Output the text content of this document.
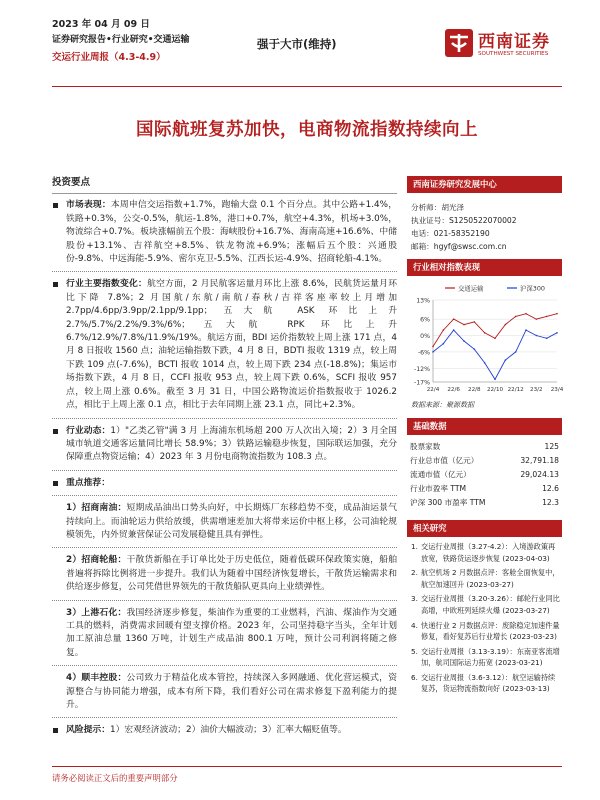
2023 年 04 月 09 日
证券研究报告•行业研究•交通运输
交运行业周报（4.3-4.9）
强于大市(维持)	西南证券
SOUTHWEST SECURITIES
国际航班复苏加快，电商物流指数持续向上
投资要点
市场表现：本周申信交运指数+1.7%，跑输大盘 0.1 个百分点。其中公路+1.4%，铁路+0.3%，公交-0.5%，航运-1.8%，港口+0.7%，航空+4.3%，机场+3.0%，物流综合+0.7%。板块涨幅前五个股：海峡股份+16.7%、海南高速+16.6%、中储股份+13.1%、吉祥航空+8.5%、铁龙物流+6.9%；涨幅后五个股：兴通股份-9.8%、中远海能-5.9%、密尔克卫-5.5%、江西长运-4.9%、招商轮船-4.1%。
行业主要指数变化：航空方面，2 月民航客运量月环比上涨 8.6%，民航货运量月环比下降 7.8%；2 月国航/东航/南航/春秋/吉祥客座率较上月增加 2.7pp/4.6pp/3.9pp/2.1pp/9.1pp；五大航 ASK 环比上升 2.7%/5.7%/2.2%/9.3%/6%；五大航 RPK 环比上升 6.7%/12.9%/7.8%/11.9%/19%。航运方面，BDI 运价指数较上周上涨 171 点，4 月 8 日报收 1560 点；油轮运输指数下跌，4 月 8 日，BDTI 报收 1319 点，较上周下跌 109 点(-7.6%)，BCTI 报收 1014 点，较上周下跌 234 点(-18.8%)；集运市场指数下跌，4 月 8 日，CCFI 报收 953 点，较上周下跌 0.6%，SCFI 报收 957 点，较上周上涨 0.6%。截至 3 月 31 日，中国公路物流运价指数报收于 1026.2 点，相比于上周上涨 0.1 点，相比于去年同期上涨 23.1 点，同比+2.3%。
行业动态：1）"乙类乙管"满 3 月 上海浦东机场超 200 万人次出入境；2）3 月全国城市轨道交通客运量同比增长 58.9%；3）铁路运输稳步恢复，国际联运加强，充分保障重点物资运输；4）2023 年 3 月份电商物流指数为 108.3 点。
重点推荐：
1）招商南油：短期成品油出口势头向好，中长期炼厂东移趋势不变，成品油运景气持续向上。而油轮运力供给放缓，供需增速差加大将带来运价中枢上移，公司油轮规模领先，内外贸兼营保证公司发展稳健且具有弹性。
2）招商轮船：干散货新船在手订单比处于历史低位，随着低碳环保政策实施，船舶普遍将拆除比例将进一步提升。我们认为随着中国经济恢复增长，干散货运输需求和供给逐步修复，公司凭借世界领先的干散货船队更具向上业绩弹性。
3）上港石化：我国经济逐步修复，柴油作为重要的工业燃料，汽油、煤油作为交通工具的燃料，消费需求回暖有望支撑价格。2023 年，公司坚持稳字当头，全年计划加工原油总量 1360 万吨，计划生产成品油 800.1 万吨，预计公司利润将随之修复。
4）顺丰控股：公司致力于精益化成本管控，持续深入多网融通、优化营运模式，资源整合与协同能力增强，成本有所下降，我们看好公司在需求修复下盈利能力的提升。
风险提示：1）宏观经济波动；2）油价大幅波动；3）汇率大幅贬值等。
西南证券研究发展中心
分析师：胡光泽
执业证号：S1250522070002
电话：021-58352190
邮箱：hgyf@swsc.com.cn
行业相对指数表现
13%
6%
0%
-6%
-12%
-17%
22/4 22/6 22/8 22/10 22/12 23/2 23/4
交通运输	沪深300
数据来源：聚源数据
基础数据
股票家数	125
行业总市值（亿元）	32,791.18
流通市值（亿元）	29,024.13
行业市盈率 TTM	12.6
沪深 300 市盈率 TTM	12.3
相关研究
1. 交运行业周报（3.27-4.2）：入境游政策再放宽，铁路货运逐步恢复 (2023-04-03)
2. 航空机场 2 月数据点评：客舱全面恢复中，航空加速回升 (2023-03-27)
3. 交运行业周报（3.20-3.26）：邮轮行业同比高增，中欧班列延续火爆 (2023-03-27)
4. 快递行业 2 月数据点评：废除稳定加速件量修复，看好复苏后行业增长 (2023-03-23)
5. 交运行业周报（3.13-3.19）：东南亚客流增加，航司国际运力拓宽 (2023-03-21)
6. 交运行业周报（3.6-3.12）：航空运输持续复苏，货运物流指数向好 (2023-03-13)
请务必阅读正文后的重要声明部分
